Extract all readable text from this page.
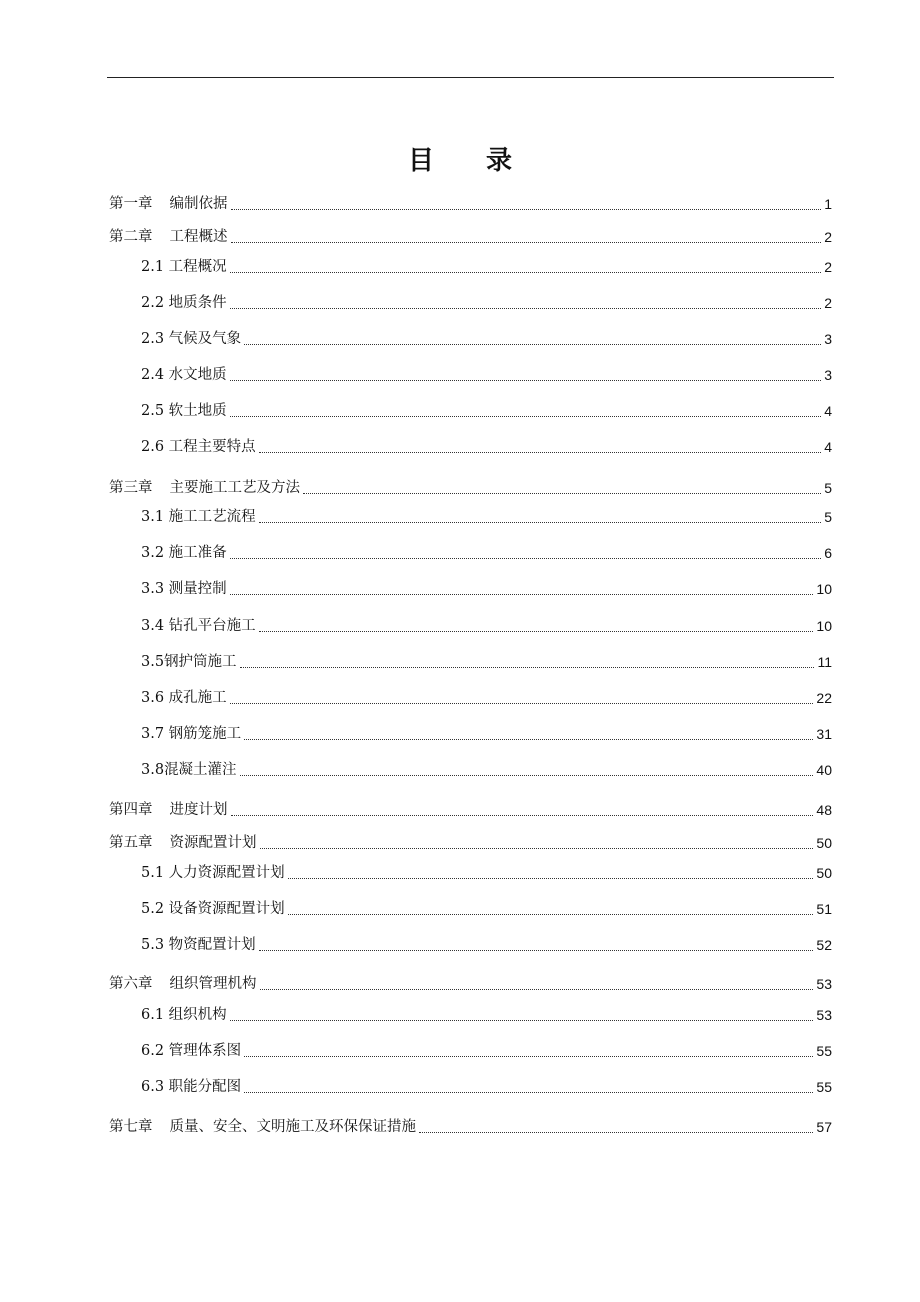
目 录
第一章 编制依据	1
第二章 工程概述	2
2.1 工程概况	2
2.2 地质条件	2
2.3 气候及气象	3
2.4 水文地质	3
2.5 软土地质	4
2.6 工程主要特点	4
第三章 主要施工工艺及方法	5
3.1 施工工艺流程	5
3.2 施工准备	6
3.3 测量控制	10
3.4 钻孔平台施工	10
3.5 钢护筒施工	11
3.6 成孔施工	22
3.7 钢筋笼施工	31
3.8 混凝土灌注	40
第四章 进度计划	48
第五章 资源配置计划	50
5.1 人力资源配置计划	50
5.2 设备资源配置计划	51
5.3 物资配置计划	52
第六章 组织管理机构	53
6.1 组织机构	53
6.2 管理体系图	55
6.3 职能分配图	55
第七章 质量、安全、文明施工及环保保证措施	57
